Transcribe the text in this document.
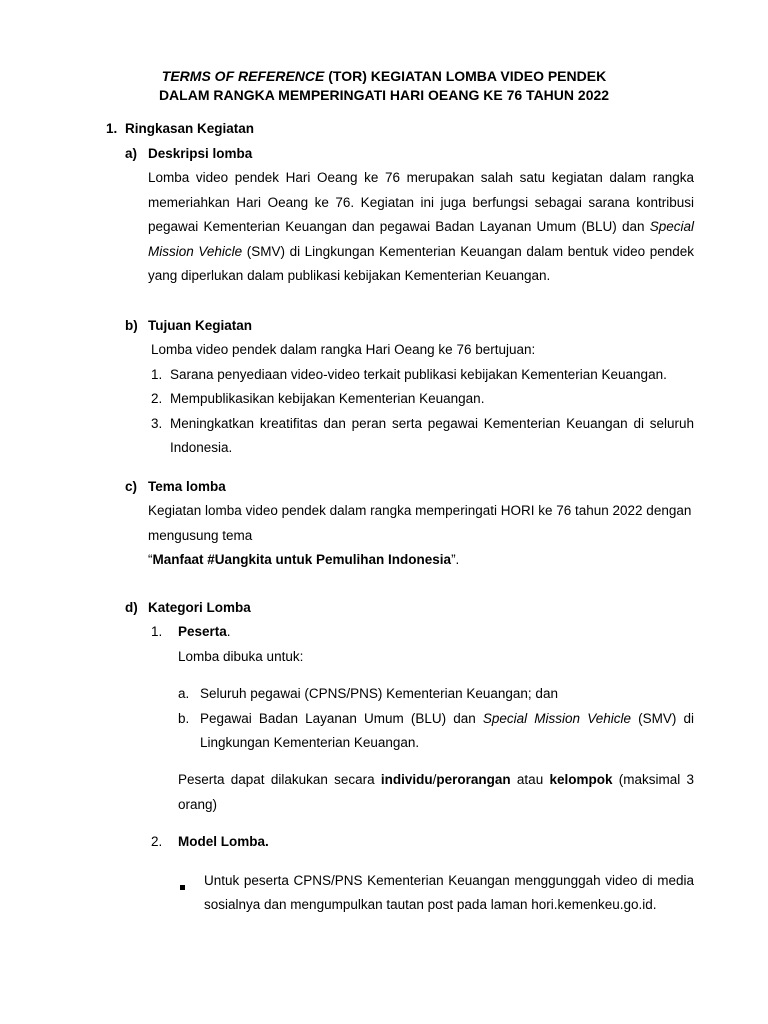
TERMS OF REFERENCE (TOR) KEGIATAN LOMBA VIDEO PENDEK
DALAM RANGKA MEMPERINGATI HARI OEANG KE 76 TAHUN 2022
1. Ringkasan Kegiatan
a) Deskripsi lomba
Lomba video pendek Hari Oeang ke 76 merupakan salah satu kegiatan dalam rangka
memeriahkan Hari Oeang ke 76. Kegiatan ini juga berfungsi sebagai sarana kontribusi
pegawai Kementerian Keuangan dan pegawai Badan Layanan Umum (BLU) dan Special
Mission Vehicle (SMV) di Lingkungan Kementerian Keuangan dalam bentuk video pendek
yang diperlukan dalam publikasi kebijakan Kementerian Keuangan.
b) Tujuan Kegiatan
Lomba video pendek dalam rangka Hari Oeang ke 76 bertujuan:
1. Sarana penyediaan video-video terkait publikasi kebijakan Kementerian Keuangan.
2. Mempublikasikan kebijakan Kementerian Keuangan.
3. Meningkatkan kreatifitas dan peran serta pegawai Kementerian Keuangan di seluruh
Indonesia.
c) Tema lomba
Kegiatan lomba video pendek dalam rangka memperingati HORI ke 76 tahun 2022 dengan
mengusung tema
“Manfaat #Uangkita untuk Pemulihan Indonesia”.
d) Kategori Lomba
1. Peserta.
Lomba dibuka untuk:
a. Seluruh pegawai (CPNS/PNS) Kementerian Keuangan; dan
b. Pegawai Badan Layanan Umum (BLU) dan Special Mission Vehicle (SMV) di
Lingkungan Kementerian Keuangan.
Peserta dapat dilakukan secara individu/perorangan atau kelompok (maksimal 3
orang)
2. Model Lomba.
Untuk peserta CPNS/PNS Kementerian Keuangan menggunggah video di media
sosialnya dan mengumpulkan tautan post pada laman hori.kemenkeu.go.id.
